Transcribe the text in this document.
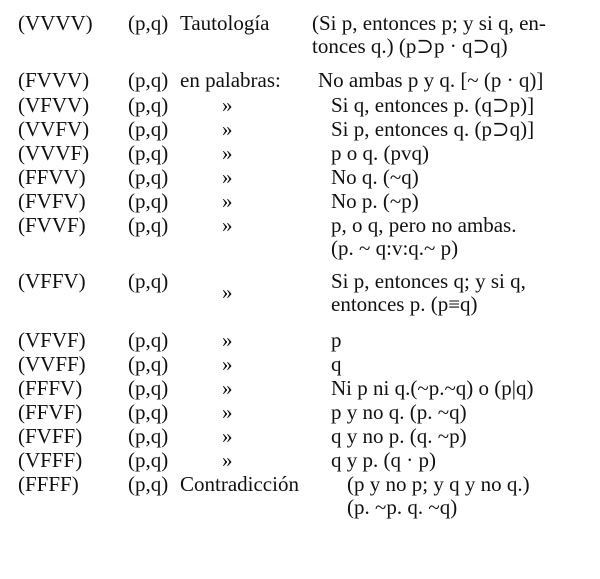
(VVVV) (p,q) Tautología (Si p, entonces p; y si q, en-
tonces q.) (p⊃p · q⊃q)
(FVVV) (p,q) en palabras: No ambas p y q. [~ (p · q)]
(VFVV) (p,q)	»	Si q, entonces p. (q⊃p)]
(VVFV) (p,q)	»	Si p, entonces q. (p⊃q)]
(VVVF) (p,q)	»	p o q. (pvq)
(FFVV) (p,q)	»	No q. (~q)
(FVFV) (p,q)	»	No p. (~p)
(FVVF) (p,q)	»	p, o q, pero no ambas.
(p. ~ q:v:q.~ p)
(VFFV) (p,q)	»	Si p, entonces q; y si q,
entonces p. (p≡q)
(VFVF) (p,q)	»	p
(VVFF) (p,q)	»	q
(FFFV) (p,q)	»	Ni p ni q.(~p.~q) o (p|q)
(FFVF) (p,q)	»	p y no q. (p. ~q)
(FVFF) (p,q)	»	q y no p. (q. ~p)
(VFFF) (p,q)	»	q y p. (q · p)
(FFFF) (p,q) Contradicción (p y no p; y q y no q.)
(p. ~p. q. ~q)
